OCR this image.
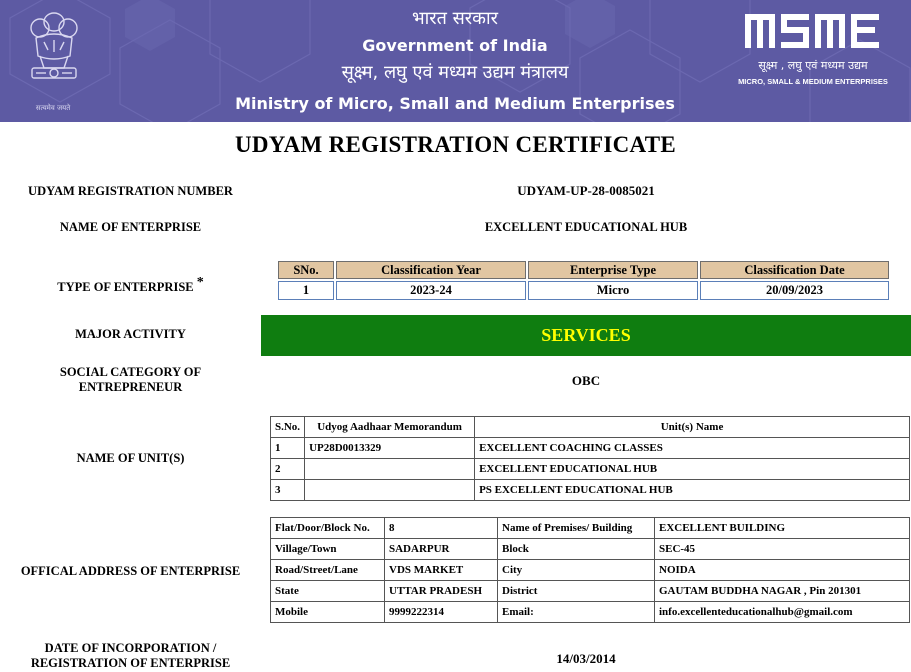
सत्यमेव जयते
भारत सरकार
Government of India
सूक्ष्म, लघु एवं मध्यम उद्यम मंत्रालय
Ministry of Micro, Small and Medium Enterprises
सूक्ष्म , लघु एवं मध्यम उद्यम
MICRO, SMALL & MEDIUM ENTERPRISES
UDYAM REGISTRATION CERTIFICATE
UDYAM REGISTRATION NUMBER	UDYAM-UP-28-0085021
NAME OF ENTERPRISE	EXCELLENT EDUCATIONAL HUB
TYPE OF ENTERPRISE *
SNo.	Classification Year	Enterprise Type	Classification Date
1	2023-24	Micro	20/09/2023
MAJOR ACTIVITY	SERVICES
SOCIAL CATEGORY OF
ENTREPRENEUR	OBC
NAME OF UNIT(S)
S.No.	Udyog Aadhaar Memorandum	Unit(s) Name
1	UP28D0013329	EXCELLENT COACHING CLASSES
2		EXCELLENT EDUCATIONAL HUB
3		PS EXCELLENT EDUCATIONAL HUB
OFFICAL ADDRESS OF ENTERPRISE
Flat/Door/Block No.	8	Name of Premises/ Building	EXCELLENT BUILDING
Village/Town	SADARPUR	Block	SEC-45
Road/Street/Lane	VDS MARKET	City	NOIDA
State	UTTAR PRADESH	District	GAUTAM BUDDHA NAGAR , Pin 201301
Mobile	9999222314	Email:	info.excellenteducationalhub@gmail.com
DATE OF INCORPORATION /
REGISTRATION OF ENTERPRISE	14/03/2014
